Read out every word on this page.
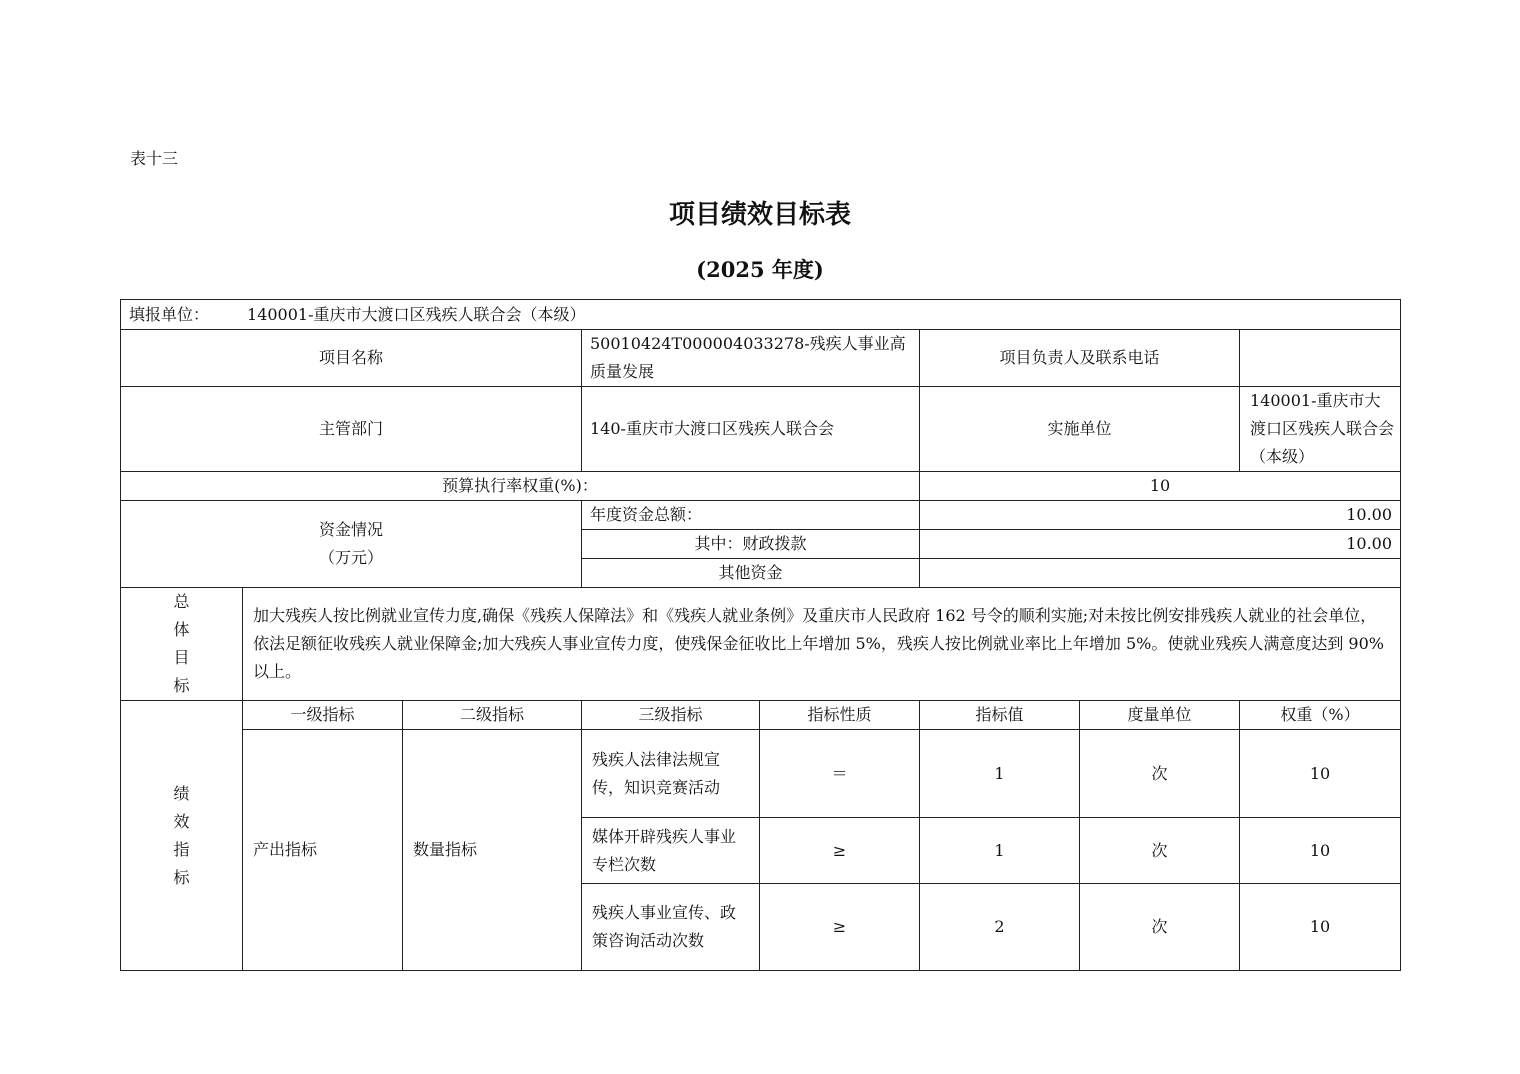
表十三
项目绩效目标表
(2025 年度)
填报单位： 140001-重庆市大渡口区残疾人联合会（本级）							
项目名称			50010424T000004033278-残疾人事业高质量发展		项目负责人及联系电话		
主管部门			140-重庆市大渡口区残疾人联合会		实施单位		140001-重庆市大渡口区残疾人联合会（本级）
预算执行率权重(%)：					10		

资金情况
（万元）			年度资金总额：		10.00		
			其中：财政拨款		10.00		
			其他资金				

总
体
目
标	加大残疾人按比例就业宣传力度,确保《残疾人保障法》和《残疾人就业条例》及重庆市人民政府 162 号令的顺利实施;对未按比例安排残疾人就业的社会单位，依法足额征收残疾人就业保障金;加大残疾人事业宣传力度，使残保金征收比上年增加 5%，残疾人按比例就业率比上年增加 5%。使就业残疾人满意度达到 90%以上。						

绩
效
指
标	一级指标	二级指标	三级指标	指标性质	指标值	度量单位	权重（%）
	产出指标	数量指标	残疾人法律法规宣传，知识竞赛活动	＝	1	次	10
			媒体开辟残疾人事业专栏次数	≥	1	次	10
			残疾人事业宣传、政策咨询活动次数	≥	2	次	10
